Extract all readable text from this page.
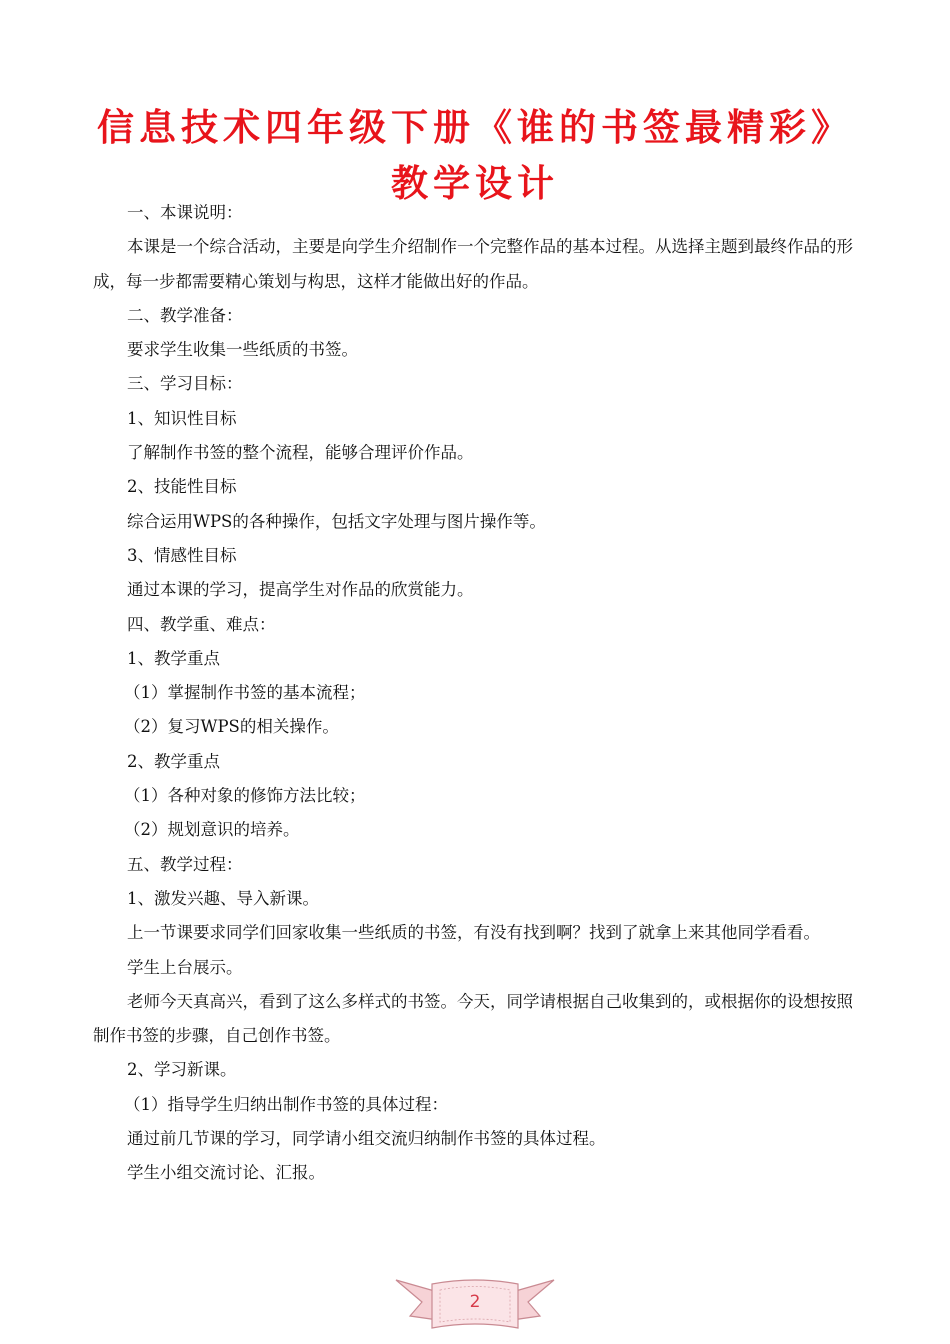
信息技术四年级下册《谁的书签最精彩》教学设计

一、本课说明：

本课是一个综合活动，主要是向学生介绍制作一个完整作品的基本过程。从选择主题到最终作品的形成，每一步都需要精心策划与构思，这样才能做出好的作品。

二、教学准备：

要求学生收集一些纸质的书签。

三、学习目标：

1、知识性目标

了解制作书签的整个流程，能够合理评价作品。

2、技能性目标

综合运用WPS的各种操作，包括文字处理与图片操作等。

3、情感性目标

通过本课的学习，提高学生对作品的欣赏能力。

四、教学重、难点：

1、教学重点

（1）掌握制作书签的基本流程；

（2）复习WPS的相关操作。

2、教学重点

（1）各种对象的修饰方法比较；

（2）规划意识的培养。

五、教学过程：

1、激发兴趣、导入新课。

上一节课要求同学们回家收集一些纸质的书签，有没有找到啊？找到了就拿上来其他同学看看。

学生上台展示。

老师今天真高兴，看到了这么多样式的书签。今天，同学请根据自己收集到的，或根据你的设想按照制作书签的步骤，自己创作书签。

2、学习新课。

（1）指导学生归纳出制作书签的具体过程：

通过前几节课的学习，同学请小组交流归纳制作书签的具体过程。

学生小组交流讨论、汇报。

2
